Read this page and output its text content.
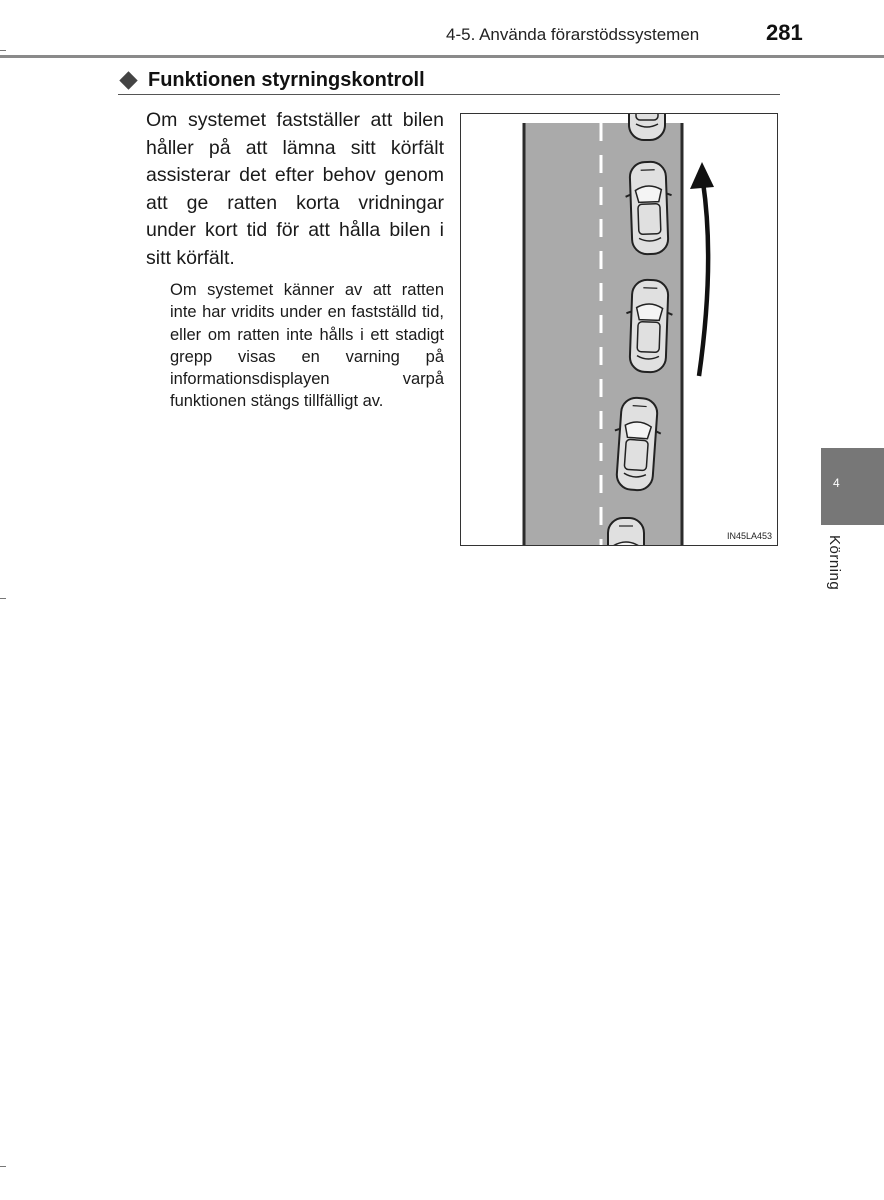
4-5. Använda förarstödssystemen	281
Funktionen styrningskontroll

Om systemet fastställer att bilen håller på att lämna sitt körfält assisterar det efter behov genom att ge ratten korta vridningar under kort tid för att hålla bilen i sitt körfält.

Om systemet känner av att ratten inte har vridits under en fastställd tid, eller om ratten inte hålls i ett stadigt grepp visas en varning på informationsdisplayen varpå funktionen stängs tillfälligt av.

IN45LA453
4
Körning
